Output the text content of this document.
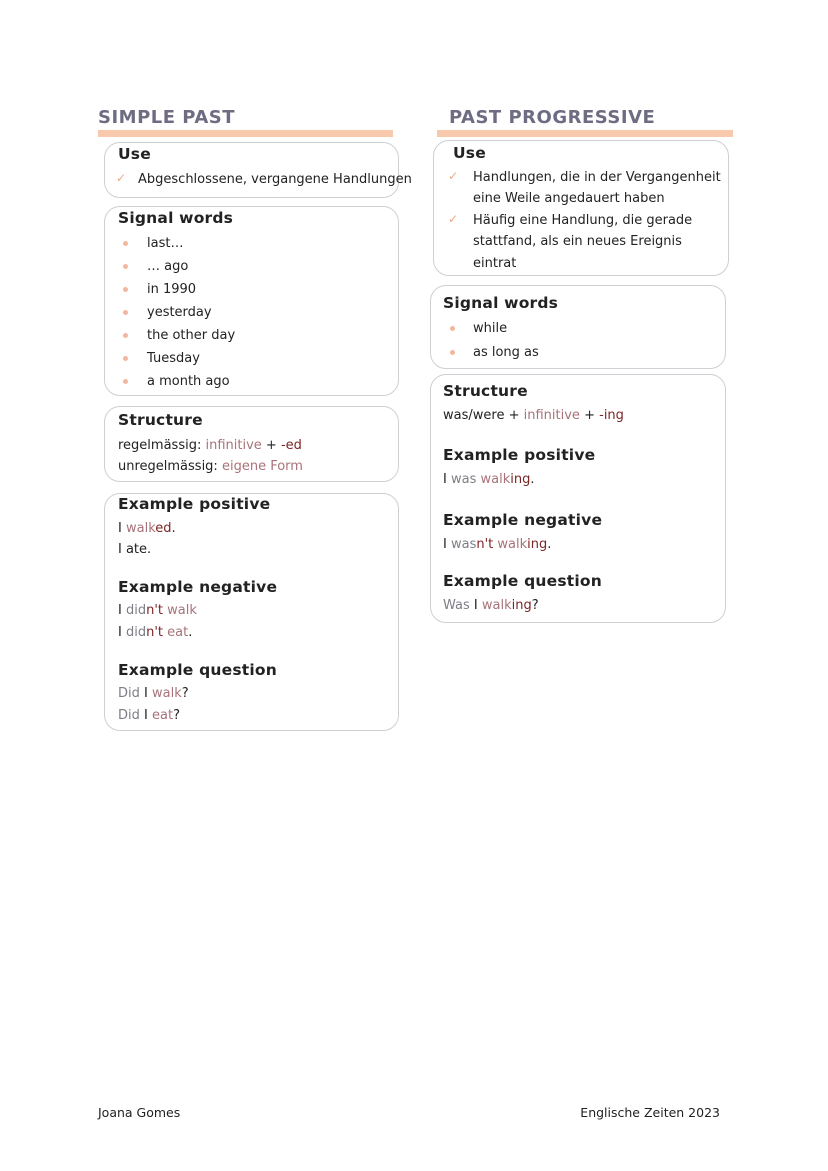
SIMPLE PAST
Use
✓ Abgeschlossene, vergangene Handlungen
Signal words
last…
… ago
in 1990
yesterday
the other day
Tuesday
a month ago
Structure
regelmässig: infinitive + -ed
unregelmässig: eigene Form
Example positive
I walked.
I ate.
Example negative
I didn't walk
I didn't eat.
Example question
Did I walk?
Did I eat?
PAST PROGRESSIVE
Use
✓ Handlungen, die in der Vergangenheit
eine Weile angedauert haben
✓ Häufig eine Handlung, die gerade
stattfand, als ein neues Ereignis
eintrat
Signal words
while
as long as
Structure
was/were + infinitive + -ing
Example positive
I was walking.
Example negative
I wasn't walking.
Example question
Was I walking?
Joana Gomes	Englische Zeiten 2023
